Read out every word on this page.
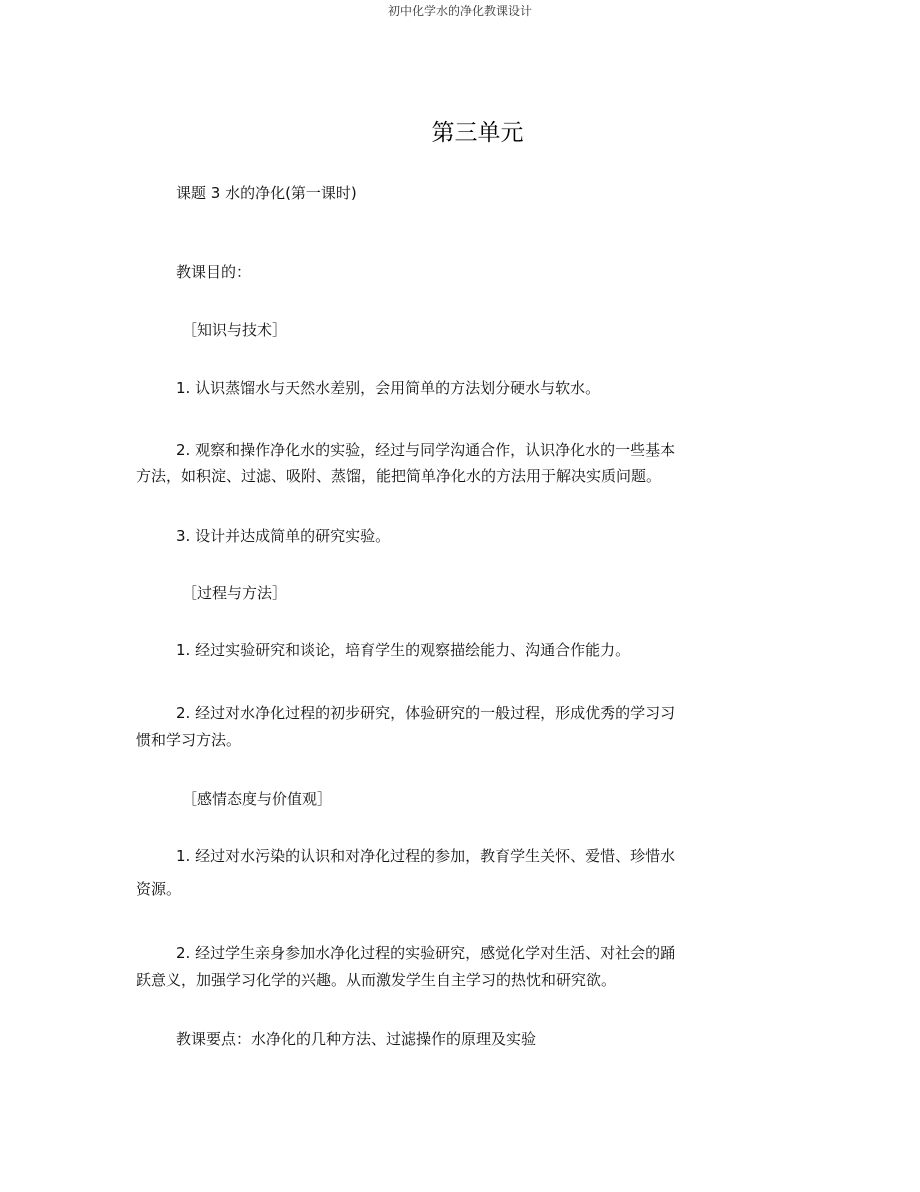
初中化学水的净化教课设计
第三单元
课题 3 水的净化(第一课时)
教课目的：
［知识与技术］
1. 认识蒸馏水与天然水差别，会用简单的方法划分硬水与软水。
2. 观察和操作净化水的实验，经过与同学沟通合作，认识净化水的一些基本
方法，如积淀、过滤、吸附、蒸馏，能把简单净化水的方法用于解决实质问题。
3. 设计并达成简单的研究实验。
［过程与方法］
1. 经过实验研究和谈论，培育学生的观察描绘能力、沟通合作能力。
2. 经过对水净化过程的初步研究，体验研究的一般过程，形成优秀的学习习
惯和学习方法。
［感情态度与价值观］
1. 经过对水污染的认识和对净化过程的参加，教育学生关怀、爱惜、珍惜水
资源。
2. 经过学生亲身参加水净化过程的实验研究，感觉化学对生活、对社会的踊
跃意义，加强学习化学的兴趣。从而激发学生自主学习的热忱和研究欲。
教课要点：水净化的几种方法、过滤操作的原理及实验
